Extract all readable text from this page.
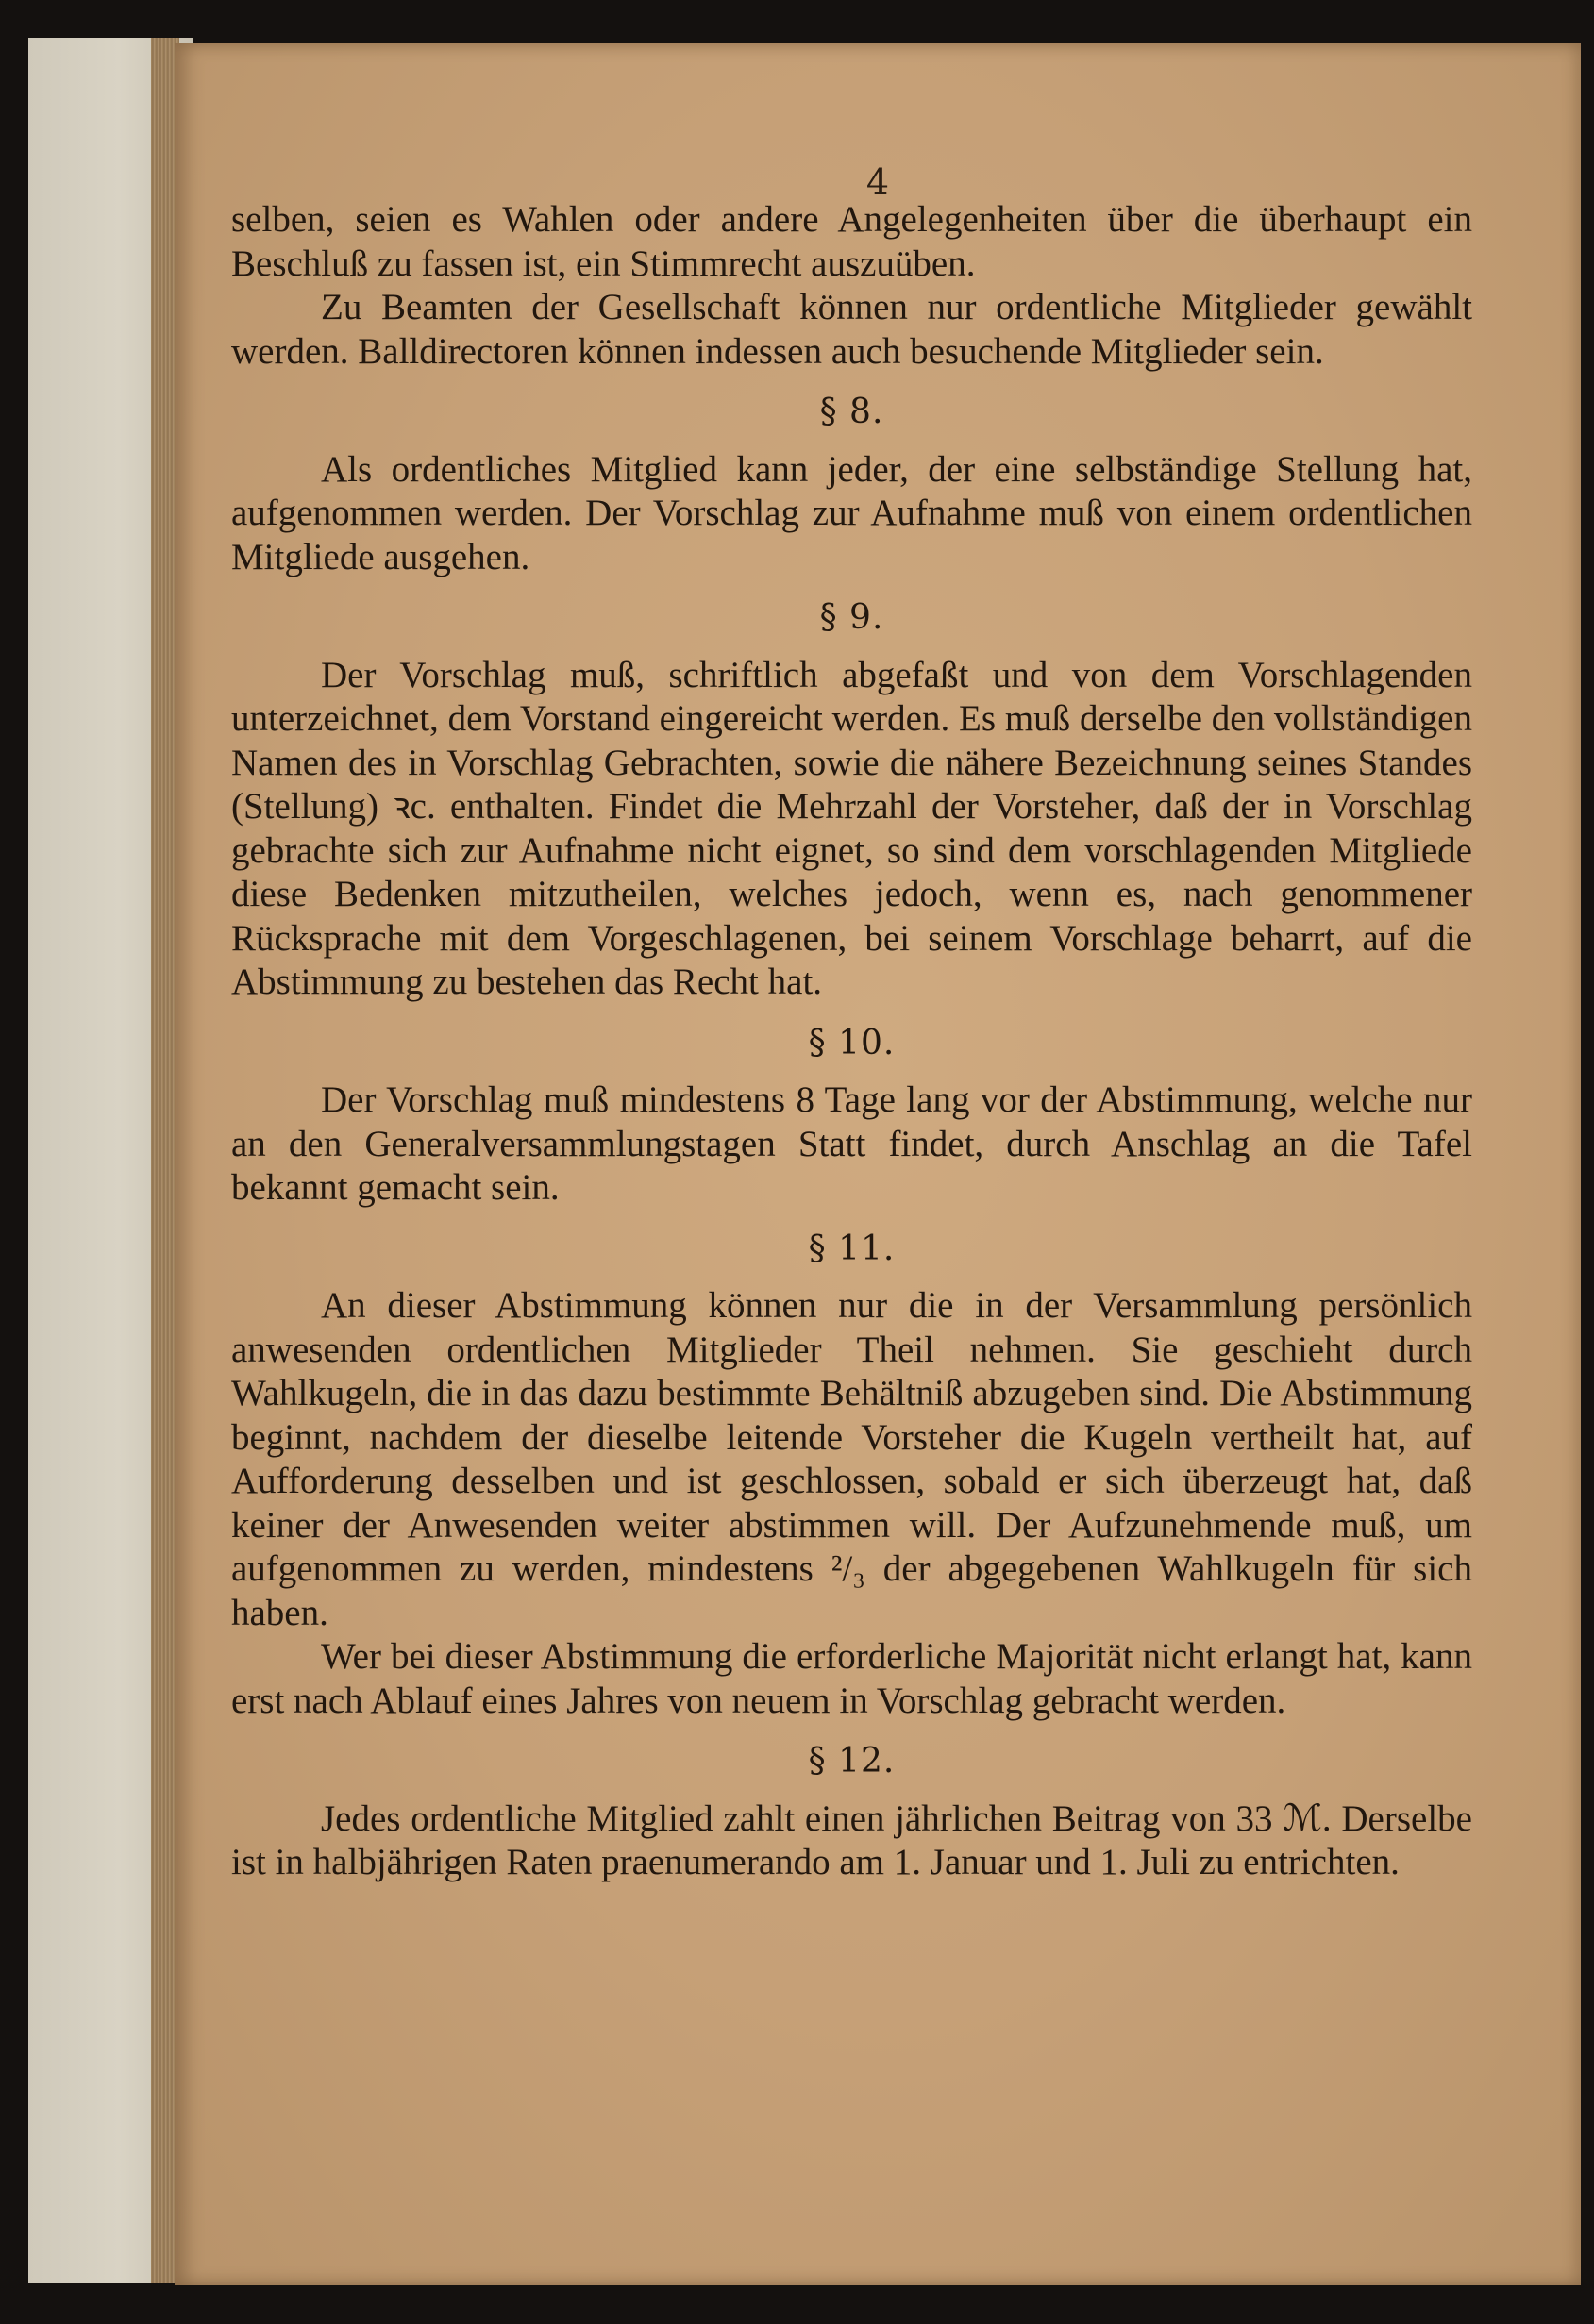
4

selben, seien es Wahlen oder andere Angelegenheiten über die überhaupt ein Beschluß zu fassen ist, ein Stimmrecht auszuüben.

Zu Beamten der Gesellschaft können nur ordentliche Mitglieder gewählt werden. Balldirectoren können indessen auch besuchende Mitglieder sein.

§ 8.

Als ordentliches Mitglied kann jeder, der eine selbständige Stellung hat, aufgenommen werden. Der Vorschlag zur Aufnahme muß von einem ordentlichen Mitgliede ausgehen.

§ 9.

Der Vorschlag muß, schriftlich abgefaßt und von dem Vorschlagenden unterzeichnet, dem Vorstand eingereicht werden. Es muß derselbe den vollständigen Namen des in Vorschlag Gebrachten, sowie die nähere Bezeichnung seines Standes (Stellung) ꝛc. enthalten. Findet die Mehrzahl der Vorsteher, daß der in Vorschlag gebrachte sich zur Aufnahme nicht eignet, so sind dem vorschlagenden Mitgliede diese Bedenken mitzutheilen, welches jedoch, wenn es, nach genommener Rücksprache mit dem Vorgeschlagenen, bei seinem Vorschlage beharrt, auf die Abstimmung zu bestehen das Recht hat.

§ 10.

Der Vorschlag muß mindestens 8 Tage lang vor der Abstimmung, welche nur an den Generalversammlungstagen Statt findet, durch Anschlag an die Tafel bekannt gemacht sein.

§ 11.

An dieser Abstimmung können nur die in der Versammlung persönlich anwesenden ordentlichen Mitglieder Theil nehmen. Sie geschieht durch Wahlkugeln, die in das dazu bestimmte Behältniß abzugeben sind. Die Abstimmung beginnt, nachdem der dieselbe leitende Vorsteher die Kugeln vertheilt hat, auf Aufforderung desselben und ist geschlossen, sobald er sich überzeugt hat, daß keiner der Anwesenden weiter abstimmen will. Der Aufzunehmende muß, um aufgenommen zu werden, mindestens ²/₃ der abgegebenen Wahlkugeln für sich haben.

Wer bei dieser Abstimmung die erforderliche Majorität nicht erlangt hat, kann erst nach Ablauf eines Jahres von neuem in Vorschlag gebracht werden.

§ 12.

Jedes ordentliche Mitglied zahlt einen jährlichen Beitrag von 33 ℳ. Derselbe ist in halbjährigen Raten praenumerando am 1. Januar und 1. Juli zu entrichten.
